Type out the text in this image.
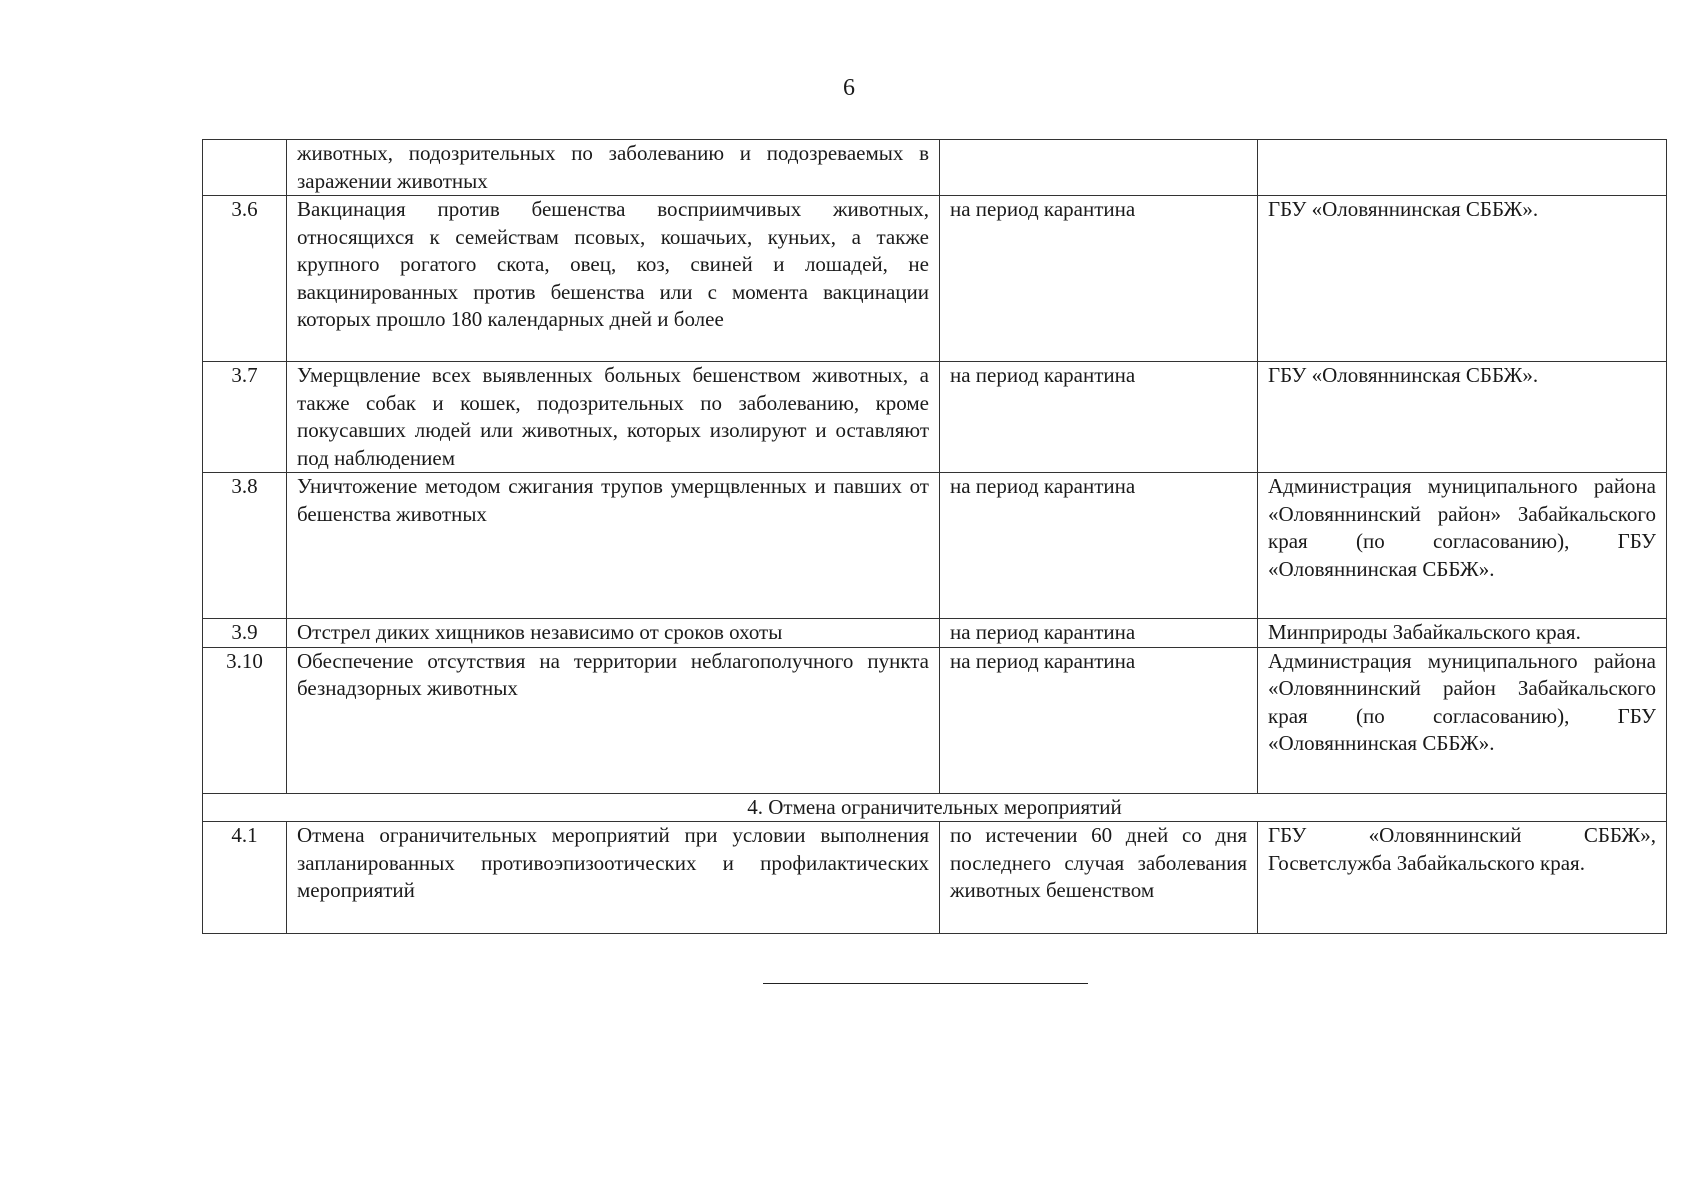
6
	животных, подозрительных по заболеванию и подозреваемых в заражении животных		
3.6	Вакцинация против бешенства восприимчивых животных, относящихся к семействам псовых, кошачьих, куньих, а также крупного рогатого скота, овец, коз, свиней и лошадей, не вакцинированных против бешенства или с момента вакцинации которых прошло 180 календарных дней и более	на период карантина	ГБУ «Оловяннинская СББЖ».
3.7	Умерщвление всех выявленных больных бешенством животных, а также собак и кошек, подозрительных по заболеванию, кроме покусавших людей или животных, которых изолируют и оставляют под наблюдением	на период карантина	ГБУ «Оловяннинская СББЖ».
3.8	Уничтожение методом сжигания трупов умерщвленных и павших от бешенства животных	на период карантина	Администрация муниципального района «Оловяннинский район» Забайкальского края (по согласованию), ГБУ «Оловяннинская СББЖ».
3.9	Отстрел диких хищников независимо от сроков охоты	на период карантина	Минприроды Забайкальского края.
3.10	Обеспечение отсутствия на территории неблагополучного пункта безнадзорных животных	на период карантина	Администрация муниципального района «Оловяннинский район Забайкальского края (по согласованию), ГБУ «Оловяннинская СББЖ».
4. Отмена ограничительных мероприятий			
4.1	Отмена ограничительных мероприятий при условии выполнения запланированных противоэпизоотических и профилактических мероприятий	по истечении 60 дней со дня последнего случая заболевания животных бешенством	ГБУ «Оловяннинский СББЖ», Госветслужба Забайкальского края.
